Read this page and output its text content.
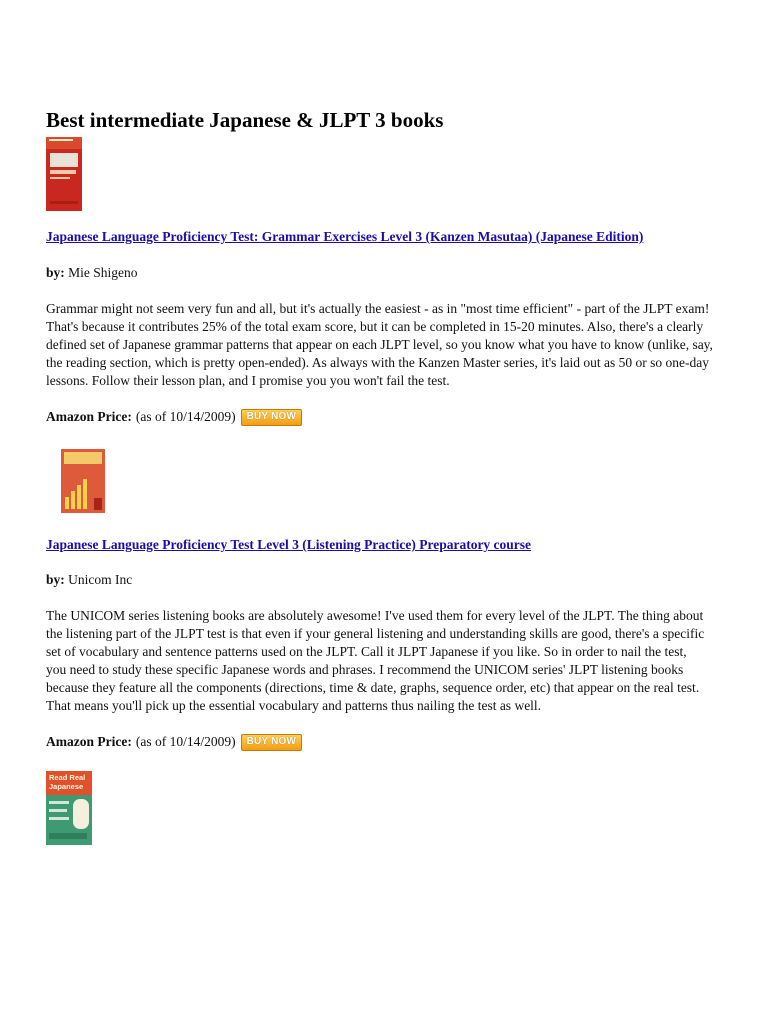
Best intermediate Japanese & JLPT 3 books
Japanese Language Proficiency Test: Grammar Exercises Level 3 (Kanzen Masutaa) (Japanese Edition)
by: Mie Shigeno

Grammar might not seem very fun and all, but it's actually the easiest - as in "most time efficient" - part of the JLPT exam! That's because it contributes 25% of the total exam score, but it can be completed in 15-20 minutes. Also, there's a clearly defined set of Japanese grammar patterns that appear on each JLPT level, so you know what you have to know (unlike, say, the reading section, which is pretty open-ended). As always with the Kanzen Master series, it's laid out as 50 or so one-day lessons. Follow their lesson plan, and I promise you you won't fail the test.

Amazon Price: (as of 10/14/2009)	BUY NOW
Japanese Language Proficiency Test Level 3 (Listening Practice) Preparatory course
by: Unicom Inc

The UNICOM series listening books are absolutely awesome! I've used them for every level of the JLPT. The thing about the listening part of the JLPT test is that even if your general listening and understanding skills are good, there's a specific set of vocabulary and sentence patterns used on the JLPT. Call it JLPT Japanese if you like. So in order to nail the test, you need to study these specific Japanese words and phrases. I recommend the UNICOM series' JLPT listening books because they feature all the components (directions, time & date, graphs, sequence order, etc) that appear on the real test. That means you'll pick up the essential vocabulary and patterns thus nailing the test as well.

Amazon Price: (as of 10/14/2009)	BUY NOW
Read Real Japanese
